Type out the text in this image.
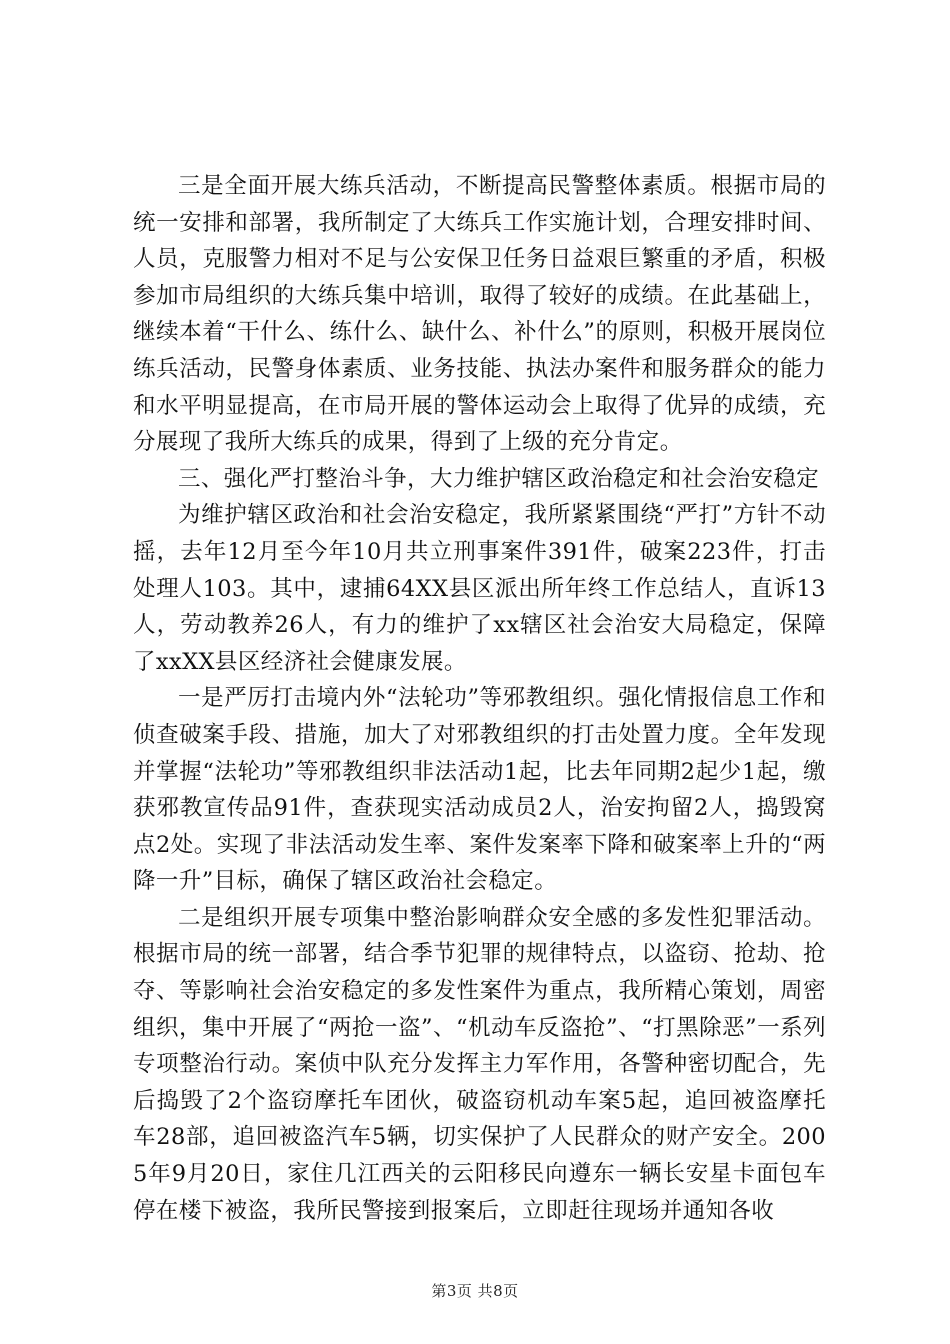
三是全面开展大练兵活动，不断提高民警整体素质。根据市局的统一安排和部署，我所制定了大练兵工作实施计划，合理安排时间、人员，克服警力相对不足与公安保卫任务日益艰巨繁重的矛盾，积极参加市局组织的大练兵集中培训，取得了较好的成绩。在此基础上，继续本着“干什么、练什么、缺什么、补什么”的原则，积极开展岗位练兵活动，民警身体素质、业务技能、执法办案件和服务群众的能力和水平明显提高，在市局开展的警体运动会上取得了优异的成绩，充分展现了我所大练兵的成果，得到了上级的充分肯定。

三、强化严打整治斗争，大力维护辖区政治稳定和社会治安稳定

为维护辖区政治和社会治安稳定，我所紧紧围绕“严打”方针不动摇，去年12月至今年10月共立刑事案件391件，破案223件，打击处理人103。其中，逮捕64XX县区派出所年终工作总结人，直诉13人，劳动教养26人，有力的维护了xx辖区社会治安大局稳定，保障了xxXX县区经济社会健康发展。

一是严厉打击境内外“法轮功”等邪教组织。强化情报信息工作和侦查破案手段、措施，加大了对邪教组织的打击处置力度。全年发现并掌握“法轮功”等邪教组织非法活动1起，比去年同期2起少1起，缴获邪教宣传品91件，查获现实活动成员2人，治安拘留2人，捣毁窝点2处。实现了非法活动发生率、案件发案率下降和破案率上升的“两降一升”目标，确保了辖区政治社会稳定。

二是组织开展专项集中整治影响群众安全感的多发性犯罪活动。根据市局的统一部署，结合季节犯罪的规律特点，以盗窃、抢劫、抢夺、等影响社会治安稳定的多发性案件为重点，我所精心策划，周密组织，集中开展了“两抢一盗”、“机动车反盗抢”、“打黑除恶”一系列专项整治行动。案侦中队充分发挥主力军作用，各警种密切配合，先后捣毁了2个盗窃摩托车团伙，破盗窃机动车案5起，追回被盗摩托车28部，追回被盗汽车5辆，切实保护了人民群众的财产安全。2005年9月20日，家住几江西关的云阳移民向遵东一辆长安星卡面包车停在楼下被盗，我所民警接到报案后，立即赶往现场并通知各收

第3页 共8页
